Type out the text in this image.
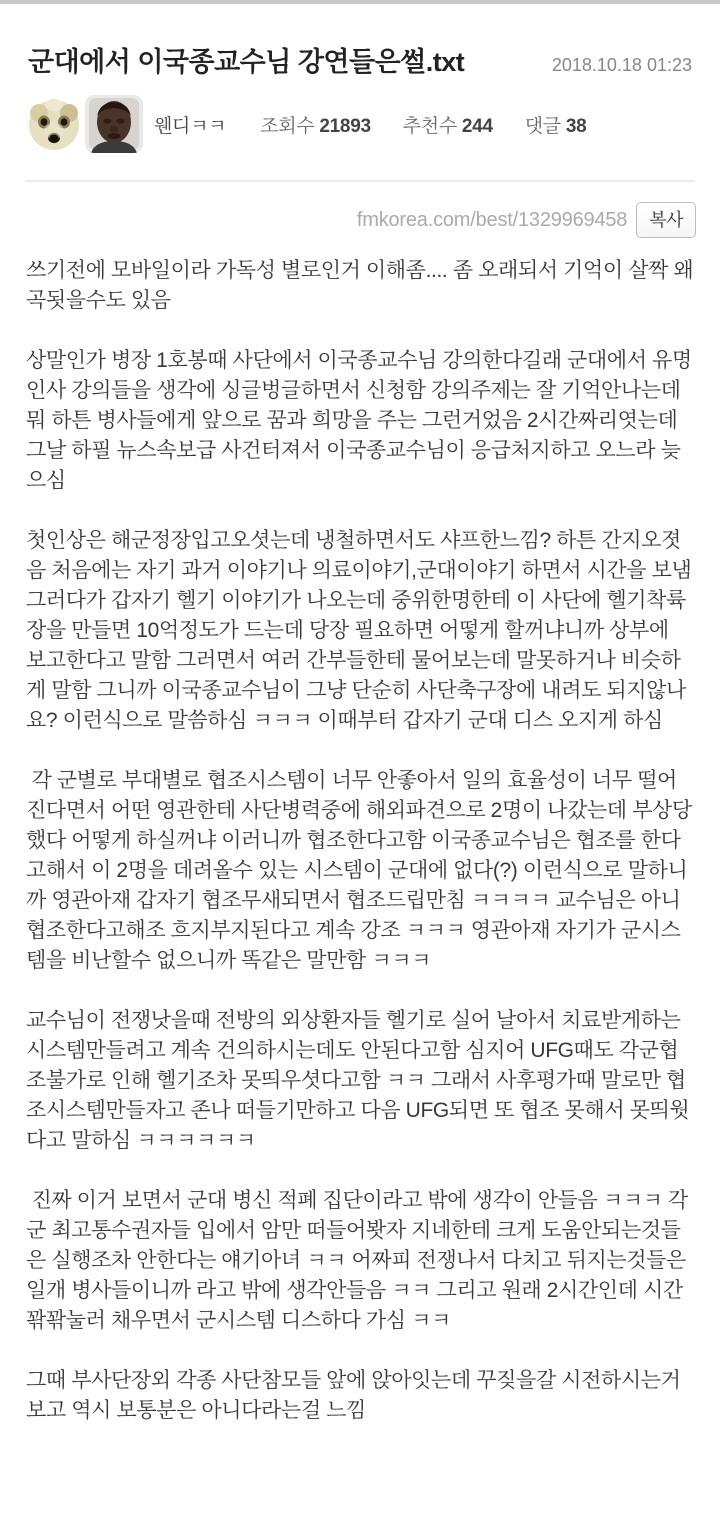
군대에서 이국종교수님 강연들은썰.txt	2018.10.18 01:23
웬디ㅋㅋ 조회수 21893 추천수 244 댓글 38
fmkorea.com/best/1329969458	복사

쓰기전에 모바일이라 가독성 별로인거 이해좀.... 좀 오래되서 기억이 살짝 왜곡됫을수도 있음

상말인가 병장 1호봉때 사단에서 이국종교수님 강의한다길래 군대에서 유명인사 강의들을 생각에 싱글벙글하면서 신청함 강의주제는 잘 기억안나는데  뭐 하튼 병사들에게 앞으로 꿈과 희망을 주는 그런거었음 2시간짜리엿는데 그날 하필 뉴스속보급 사건터져서 이국종교수님이 응급처지하고 오느라 늦으심

첫인상은 해군정장입고오셧는데 냉철하면서도 샤프한느낌? 하튼 간지오졋음 처음에는 자기 과거 이야기나 의료이야기,군대이야기 하면서 시간을 보냄 그러다가 갑자기 헬기 이야기가 나오는데 중위한명한테 이 사단에 헬기착륙장을 만들면 10억정도가 드는데 당장 필요하면 어떻게 할꺼냐니까 상부에 보고한다고 말함 그러면서 여러 간부들한테 물어보는데 말못하거나 비슷하게 말함 그니까 이국종교수님이 그냥 단순히 사단축구장에 내려도 되지않나요? 이런식으로 말씀하심 ㅋㅋㅋ 이때부터 갑자기 군대 디스 오지게 하심

각 군별로 부대별로 협조시스템이 너무 안좋아서 일의 효율성이 너무 떨어진다면서 어떤 영관한테 사단병력중에 해외파견으로 2명이 나갔는데 부상당했다 어떻게 하실꺼냐 이러니까 협조한다고함 이국종교수님은 협조를 한다고해서 이 2명을 데려올수 있는 시스템이 군대에 없다(?) 이런식으로 말하니까 영관아재 갑자기 협조무새되면서 협조드립만침 ㅋㅋㅋㅋ 교수님은 아니 협조한다고해조 흐지부지된다고 계속 강조 ㅋㅋㅋ 영관아재 자기가 군시스템을 비난할수 없으니까 똑같은 말만함 ㅋㅋㅋ

교수님이 전쟁낫을때 전방의 외상환자들 헬기로 실어 날아서 치료받게하는 시스템만들려고 계속 건의하시는데도 안된다고함 심지어 UFG때도 각군협조불가로 인해 헬기조차 못띄우셧다고함 ㅋㅋ 그래서 사후평가때 말로만 협조시스템만들자고 존나 떠들기만하고 다음 UFG되면 또 협조 못해서 못띄웟다고 말하심 ㅋㅋㅋㅋㅋㅋ

진짜 이거 보면서 군대 병신 적폐 집단이라고 밖에 생각이 안들음 ㅋㅋㅋ 각군 최고통수권자들 입에서 암만 떠들어봣자 지네한테 크게 도움안되는것들은 실행조차 안한다는 얘기아녀 ㅋㅋ 어짜피 전쟁나서 다치고 뒤지는것들은 일개 병사들이니까 라고 밖에 생각안들음 ㅋㅋ 그리고 원래 2시간인데 시간 꽊꽊눌러 채우면서 군시스템 디스하다 가심 ㅋㅋ

그때 부사단장외 각종 사단참모들 앞에 앉아잇는데 꾸짖을갈 시전하시는거보고 역시 보통분은 아니다라는걸 느낌
